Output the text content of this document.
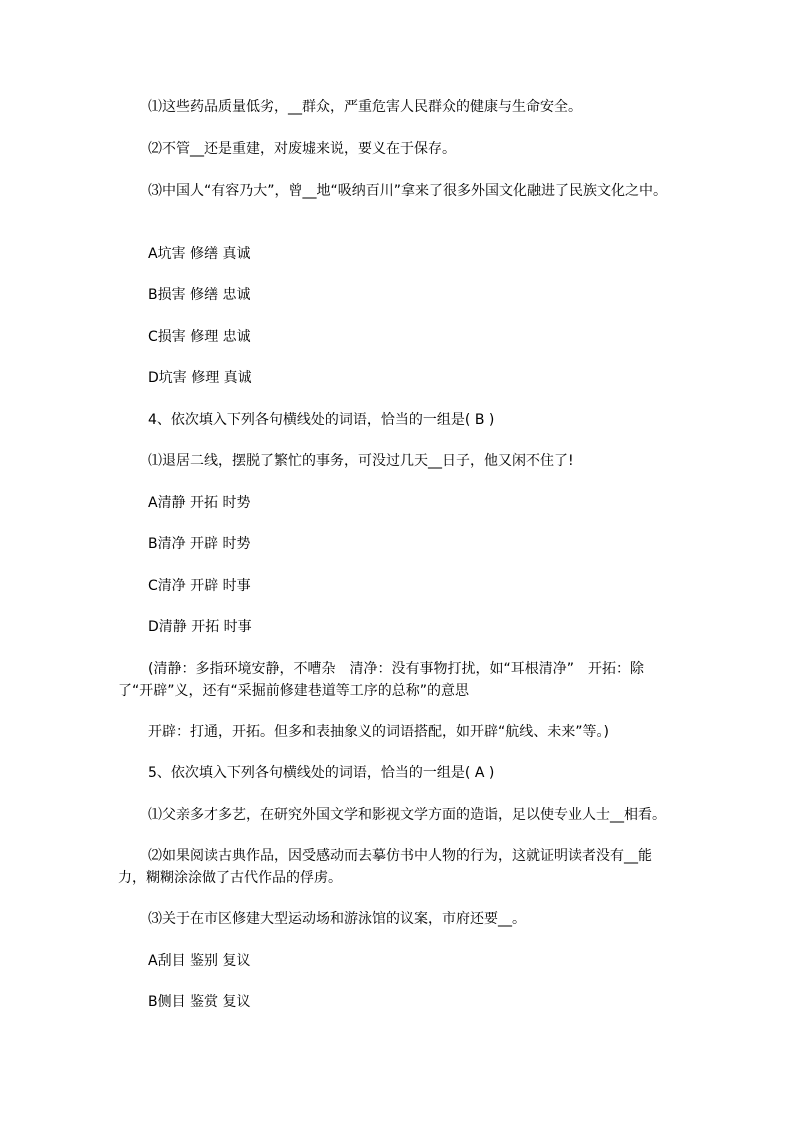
⑴这些药品质量低劣，__群众，严重危害人民群众的健康与生命安全。
⑵不管__还是重建，对废墟来说，要义在于保存。
⑶中国人“有容乃大”，曾__地“吸纳百川”拿来了很多外国文化融进了民族文化之中。
A坑害 修缮 真诚
B损害 修缮 忠诚
C损害 修理 忠诚
D坑害 修理 真诚
4、依次填入下列各句横线处的词语，恰当的一组是( B )
⑴退居二线，摆脱了繁忙的事务，可没过几天__日子，他又闲不住了!
A清静 开拓 时势
B清净 开辟 时势
C清净 开辟 时事
D清静 开拓 时事
(清静：多指环境安静，不嘈杂　清净：没有事物打扰，如“耳根清净”　开拓：除了“开辟”义，还有“采掘前修建巷道等工序的总称”的意思
开辟：打通，开拓。但多和表抽象义的词语搭配，如开辟“航线、未来”等。)
5、依次填入下列各句横线处的词语，恰当的一组是( A )
⑴父亲多才多艺，在研究外国文学和影视文学方面的造诣，足以使专业人士__相看。
⑵如果阅读古典作品，因受感动而去摹仿书中人物的行为，这就证明读者没有__能力，糊糊涂涂做了古代作品的俘虏。
⑶关于在市区修建大型运动场和游泳馆的议案，市府还要__。
A刮目 鉴别 复议
B侧目 鉴赏 复议
